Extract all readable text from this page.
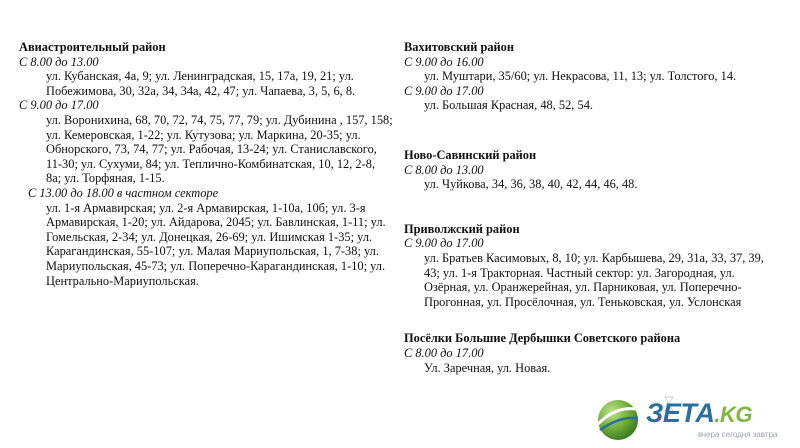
Авиастроительный район

С 8.00 до 13.00

ул. Кубанская, 4а, 9; ул. Ленинградская, 15, 17а, 19, 21; ул. Побежимова, 30, 32а, 34, 34а, 42, 47; ул. Чапаева, 3, 5, 6, 8.

С 9.00 до 17.00

ул. Воронихина, 68, 70, 72, 74, 75, 77, 79; ул. Дубинина , 157, 158; ул. Кемеровская, 1-22; ул. Кутузова; ул. Маркина, 20-35; ул. Обнорского, 73, 74, 77; ул. Рабочая, 13-24; ул. Станиславского, 11-30; ул. Сухуми, 84; ул. Теплично-Комбинатская, 10, 12, 2-8, 8а; ул. Торфяная, 1-15.

С 13.00 до 18.00 в частном секторе

ул. 1-я Армавирская; ул. 2-я Армавирская, 1-10а, 10б; ул. 3-я Армавирская, 1-20; ул. Айдарова, 2045; ул. Бавлинская, 1-11; ул. Гомельская, 2-34; ул. Донецкая, 26-69; ул. Ишимская 1-35; ул. Карагандинская, 55-107; ул. Малая Мариупольская, 1, 7-38; ул. Мариупольская, 45-73; ул. Поперечно-Карагандинская, 1-10; ул. Центрально-Мариупольская.

Вахитовский район

С 9.00 до 16.00

ул. Муштари, 35/60; ул. Некрасова, 11, 13; ул. Толстого, 14.

С 9.00 до 17.00

ул. Большая Красная, 48, 52, 54.

Ново-Савинский район

С 8.00 до 13.00

ул. Чуйкова, 34, 36, 38, 40, 42, 44, 46, 48.

Приволжский район

С 9.00 до 17.00

ул. Братьев Касимовых, 8, 10; ул. Карбышева, 29, 31а, 33, 37, 39, 43; ул. 1-я Тракторная. Частный сектор: ул. Загородная, ул. Озёрная, ул. Оранжерейная, ул. Парниковая, ул. Поперечно-Прогонная, ул. Просёлочная, ул. Теньковская, ул. Услонская

Посёлки Большие Дербышки Советского района

С 8.00 до 17.00

Ул. Заречная, ул. Новая.

ЗЕТА.KG
вчера сегодня завтра
